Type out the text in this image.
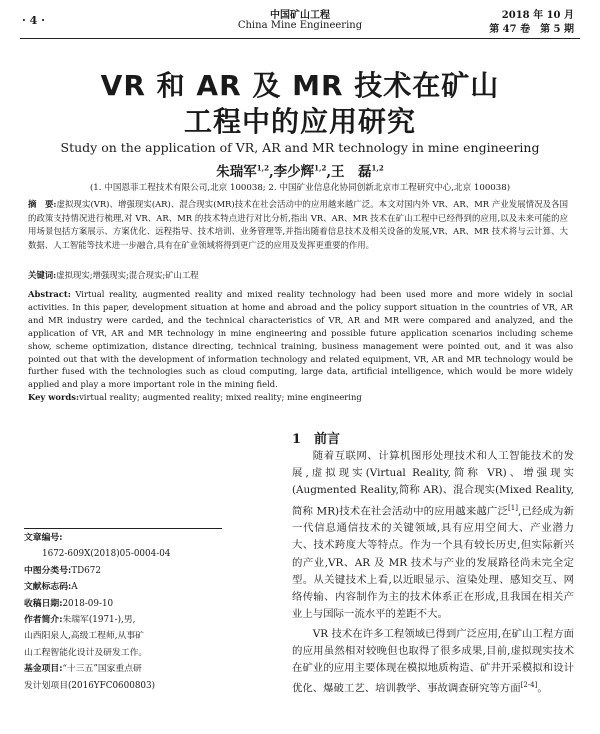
· 4 ·	中国矿山工程
China Mine Engineering
2018 年 10 月
第 47 卷　第 5 期
VR 和 AR 及 MR 技术在矿山
工程中的应用研究
Study on the application of VR, AR and MR technology in mine engineering
朱瑞军$^{1,2}$,李少辉$^{1,2}$,王　磊$^{1,2}$
(1. 中国恩菲工程技术有限公司,北京 100038; 2. 中国矿业信息化协同创新北京市工程研究中心,北京 100038)
摘　要:虚拟现实(VR)、增强现实(AR)、混合现实(MR)技术在社会活动中的应用越来越广泛。本文对国内外 VR、AR、MR 产业发展情况及各国的政策支持情况进行梳理,对 VR、AR、MR 的技术特点进行对比分析,指出 VR、AR、MR 技术在矿山工程中已经得到的应用,以及未来可能的应用场景包括方案展示、方案优化、远程指导、技术培训、业务管理等,并指出随着信息技术及相关设备的发展,VR、AR、MR 技术将与云计算、大数据、人工智能等技术进一步融合,具有在矿业领域将得到更广泛的应用及发挥更重要的作用。
关键词:虚拟现实;增强现实;混合现实;矿山工程
Abstract: Virtual reality, augmented reality and mixed reality technology had been used more and more widely in social activities. In this paper, development situation at home and abroad and the policy support situation in the countries of VR, AR and MR industry were carded, and the technical characteristics of VR, AR and MR were compared and analyzed, and the application of VR, AR and MR technology in mine engineering and possible future application scenarios including scheme show, scheme optimization, distance directing, technical training, business management were pointed out, and it was also pointed out that with the development of information technology and related equipment, VR, AR and MR technology would be further fused with the technologies such as cloud computing, large data, artificial intelligence, which would be more widely applied and play a more important role in the mining field.
Key words:virtual reality; augmented reality; mixed reality; mine engineering
1　前言

随着互联网、计算机图形处理技术和人工智能技术的发展,虚拟现实(Virtual Reality,简称 VR)、增强现实(Augmented Reality,简称 AR)、混合现实(Mixed Reality,简称 MR)技术在社会活动中的应用越来越广泛[1],已经成为新一代信息通信技术的关键领域,具有应用空间大、产业潜力大、技术跨度大等特点。作为一个具有较长历史,但实际新兴的产业,VR、AR 及 MR 技术与产业的发展路径尚未完全定型。从关键技术上看,以近眼显示、渲染处理、感知交互、网络传输、内容制作为主的技术体系正在形成,且我国在相关产业上与国际一流水平的差距不大。

VR 技术在许多工程领域已得到广泛应用,在矿山工程方面的应用虽然相对较晚但也取得了很多成果,目前,虚拟现实技术在矿业的应用主要体现在模拟地质构造、矿井开采模拟和设计优化、爆破工艺、培训教学、事故调查研究等方面[2-4]。

文章编号:
1672-609X(2018)05-0004-04
中图分类号:TD672
文献标志码:A
收稿日期:2018-09-10
作者简介:朱瑞军(1971-),男,
山西阳泉人,高级工程师,从事矿
山工程智能化设计及研发工作。
基金项目:“十三五”国家重点研
发计划项目(2016YFC0600803)
